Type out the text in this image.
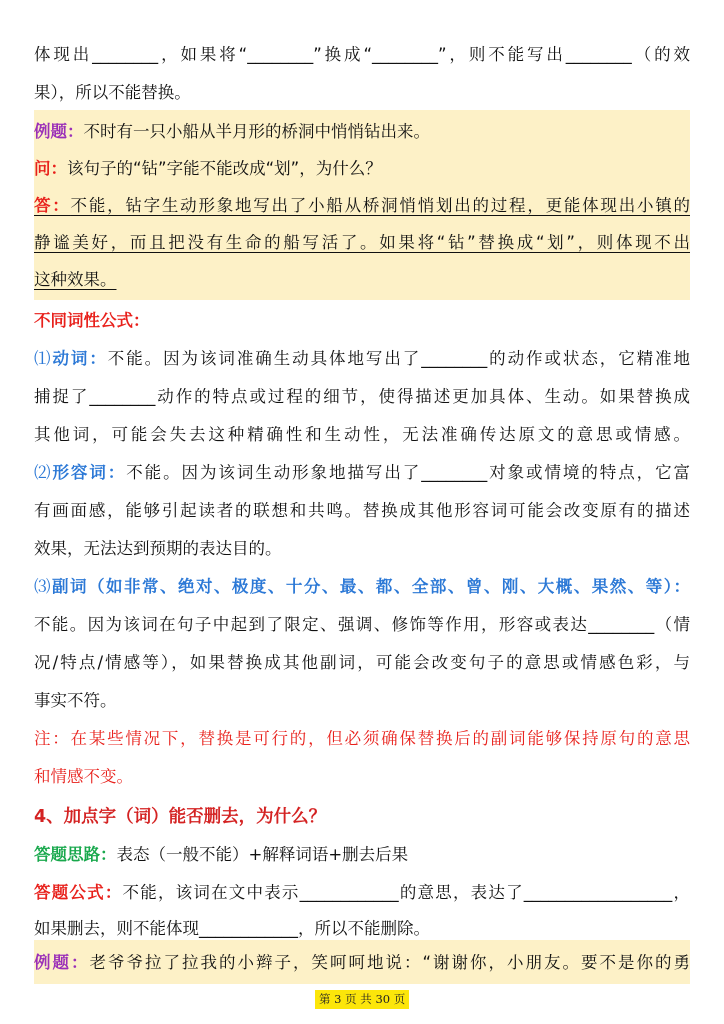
体现出________，如果将“________”换成“________”，则不能写出________（的效
果），所以不能替换。
例题：不时有一只小船从半月形的桥洞中悄悄钻出来。
问：该句子的“钻”字能不能改成“划”，为什么？
答：不能，钻字生动形象地写出了小船从桥洞悄悄划出的过程，更能体现出小镇的
静谧美好，而且把没有生命的船写活了。如果将“钻”替换成“划”，则体现不出
这种效果。
不同词性公式：
⑴动词：不能。因为该词准确生动具体地写出了________的动作或状态，它精准地
捕捉了________动作的特点或过程的细节，使得描述更加具体、生动。如果替换成
其他词，可能会失去这种精确性和生动性，无法准确传达原文的意思或情感。
⑵形容词：不能。因为该词生动形象地描写出了________对象或情境的特点，它富
有画面感，能够引起读者的联想和共鸣。替换成其他形容词可能会改变原有的描述
效果，无法达到预期的表达目的。
⑶副词（如非常、绝对、极度、十分、最、都、全部、曾、刚、大概、果然、等）：
不能。因为该词在句子中起到了限定、强调、修饰等作用，形容或表达________（情
况/特点/情感等），如果替换成其他副词，可能会改变句子的意思或情感色彩，与
事实不符。
注：在某些情况下，替换是可行的，但必须确保替换后的副词能够保持原句的意思
和情感不变。
4、加点字（词）能否删去，为什么？
答题思路：表态（一般不能）+解释词语+删去后果
答题公式：不能，该词在文中表示____________的意思，表达了__________________，
如果删去，则不能体现____________，所以不能删除。
例题：老爷爷拉了拉我的小辫子，笑呵呵地说：“谢谢你，小朋友。要不是你的勇
第 3 页 共 30 页
